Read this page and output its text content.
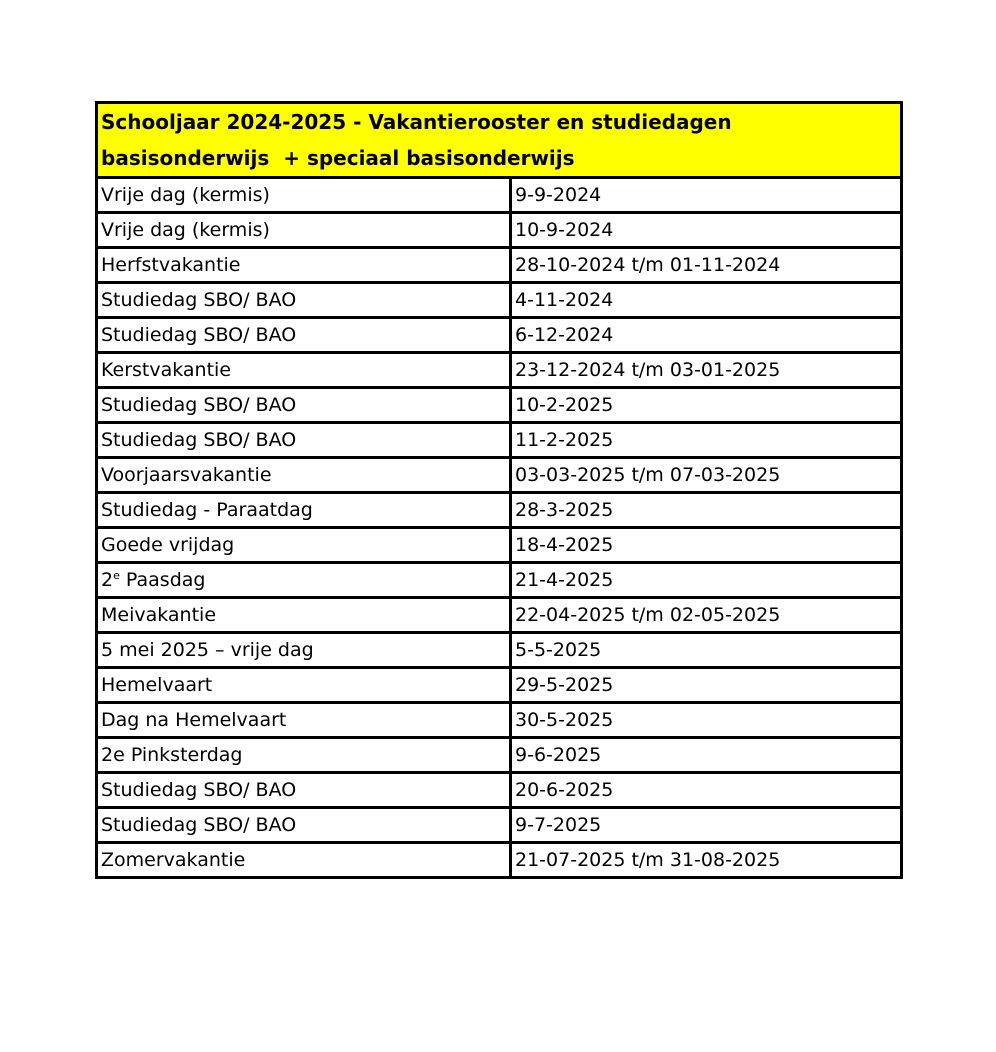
Schooljaar 2024-2025 - Vakantierooster en studiedagen
basisonderwijs  + speciaal basisonderwijs	

Vrije dag (kermis)	9-9-2024
Vrije dag (kermis)	10-9-2024
Herfstvakantie	28-10-2024 t/m 01-11-2024
Studiedag SBO/ BAO	4-11-2024
Studiedag SBO/ BAO	6-12-2024
Kerstvakantie	23-12-2024 t/m 03-01-2025
Studiedag SBO/ BAO	10-2-2025
Studiedag SBO/ BAO	11-2-2025
Voorjaarsvakantie	03-03-2025 t/m 07-03-2025
Studiedag - Paraatdag	28-3-2025
Goede vrijdag	18-4-2025
2e Paasdag	21-4-2025
Meivakantie	22-04-2025 t/m 02-05-2025
5 mei 2025 – vrije dag	5-5-2025
Hemelvaart	29-5-2025
Dag na Hemelvaart	30-5-2025
2e Pinksterdag	9-6-2025
Studiedag SBO/ BAO	20-6-2025
Studiedag SBO/ BAO	9-7-2025
Zomervakantie	21-07-2025 t/m 31-08-2025
